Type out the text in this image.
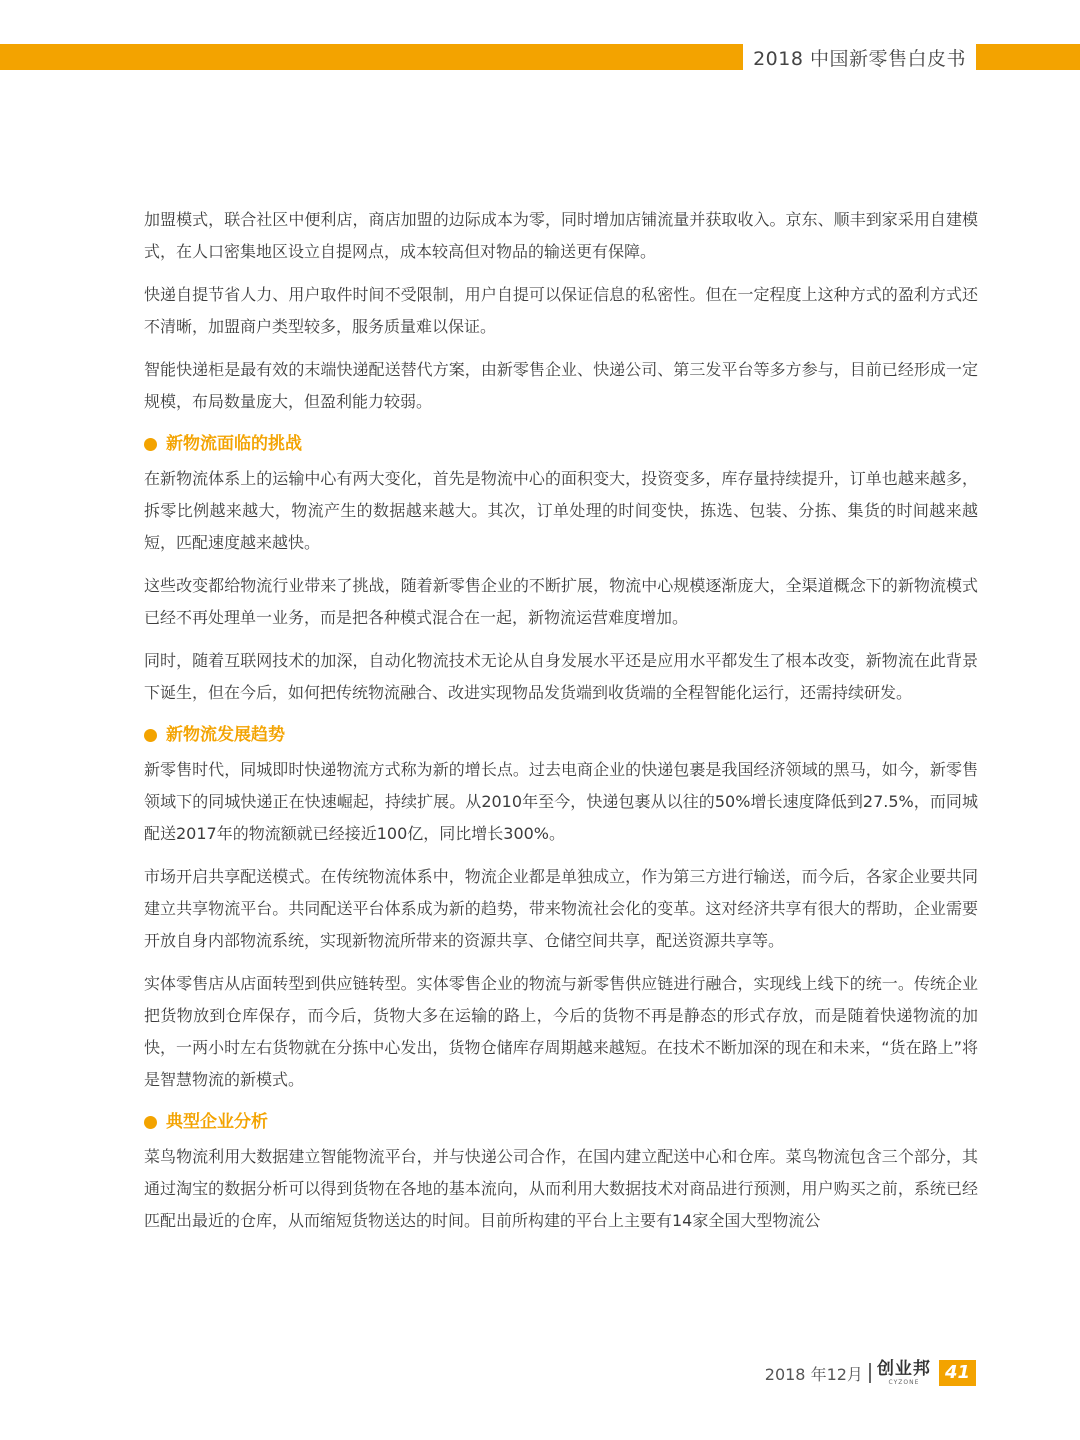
2018 中国新零售白皮书

加盟模式，联合社区中便利店，商店加盟的边际成本为零，同时增加店铺流量并获取收入。京东、顺丰到家采用自建模式，在人口密集地区设立自提网点，成本较高但对物品的输送更有保障。

快递自提节省人力、用户取件时间不受限制，用户自提可以保证信息的私密性。但在一定程度上这种方式的盈利方式还不清晰，加盟商户类型较多，服务质量难以保证。

智能快递柜是最有效的末端快递配送替代方案，由新零售企业、快递公司、第三发平台等多方参与，目前已经形成一定规模，布局数量庞大，但盈利能力较弱。

新物流面临的挑战

在新物流体系上的运输中心有两大变化，首先是物流中心的面积变大，投资变多，库存量持续提升，订单也越来越多，拆零比例越来越大，物流产生的数据越来越大。其次，订单处理的时间变快，拣选、包装、分拣、集货的时间越来越短，匹配速度越来越快。

这些改变都给物流行业带来了挑战，随着新零售企业的不断扩展，物流中心规模逐渐庞大，全渠道概念下的新物流模式已经不再处理单一业务，而是把各种模式混合在一起，新物流运营难度增加。

同时，随着互联网技术的加深，自动化物流技术无论从自身发展水平还是应用水平都发生了根本改变，新物流在此背景下诞生，但在今后，如何把传统物流融合、改进实现物品发货端到收货端的全程智能化运行，还需持续研发。

新物流发展趋势

新零售时代，同城即时快递物流方式称为新的增长点。过去电商企业的快递包裹是我国经济领域的黑马，如今，新零售领域下的同城快递正在快速崛起，持续扩展。从2010年至今，快递包裹从以往的50%增长速度降低到27.5%，而同城配送2017年的物流额就已经接近100亿，同比增长300%。

市场开启共享配送模式。在传统物流体系中，物流企业都是单独成立，作为第三方进行输送，而今后，各家企业要共同建立共享物流平台。共同配送平台体系成为新的趋势，带来物流社会化的变革。这对经济共享有很大的帮助，企业需要开放自身内部物流系统，实现新物流所带来的资源共享、仓储空间共享，配送资源共享等。

实体零售店从店面转型到供应链转型。实体零售企业的物流与新零售供应链进行融合，实现线上线下的统一。传统企业把货物放到仓库保存，而今后，货物大多在运输的路上，今后的货物不再是静态的形式存放，而是随着快递物流的加快，一两小时左右货物就在分拣中心发出，货物仓储库存周期越来越短。在技术不断加深的现在和未来，“货在路上”将是智慧物流的新模式。

典型企业分析

菜鸟物流利用大数据建立智能物流平台，并与快递公司合作，在国内建立配送中心和仓库。菜鸟物流包含三个部分，其通过淘宝的数据分析可以得到货物在各地的基本流向，从而利用大数据技术对商品进行预测，用户购买之前，系统已经匹配出最近的仓库，从而缩短货物送达的时间。目前所构建的平台上主要有14家全国大型物流公

2018 年12月 创业邦
CYZONE	41
